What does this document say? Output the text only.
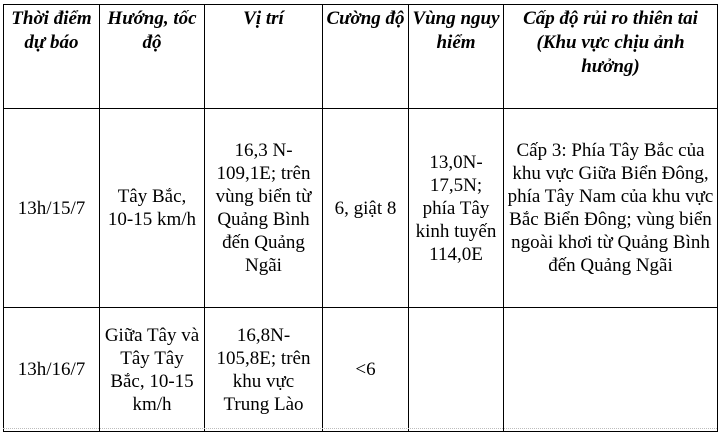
Thời điểm dự báo	Hướng, tốc độ	Vị trí	Cường độ	Vùng nguy hiểm	Cấp độ rủi ro thiên tai (Khu vực chịu ảnh hưởng)
13h/15/7	Tây Bắc, 10-15 km/h	16,3 N-109,1E; trên vùng biển từ Quảng Bình đến Quảng Ngãi	6, giật 8	13,0N-17,5N; phía Tây kinh tuyến 114,0E	Cấp 3: Phía Tây Bắc của khu vực Giữa Biển Đông, phía Tây Nam của khu vực Bắc Biển Đông; vùng biển ngoài khơi từ Quảng Bình đến Quảng Ngãi
13h/16/7	Giữa Tây và Tây Tây Bắc, 10-15 km/h	16,8N-105,8E; trên khu vực Trung Lào	<6		
